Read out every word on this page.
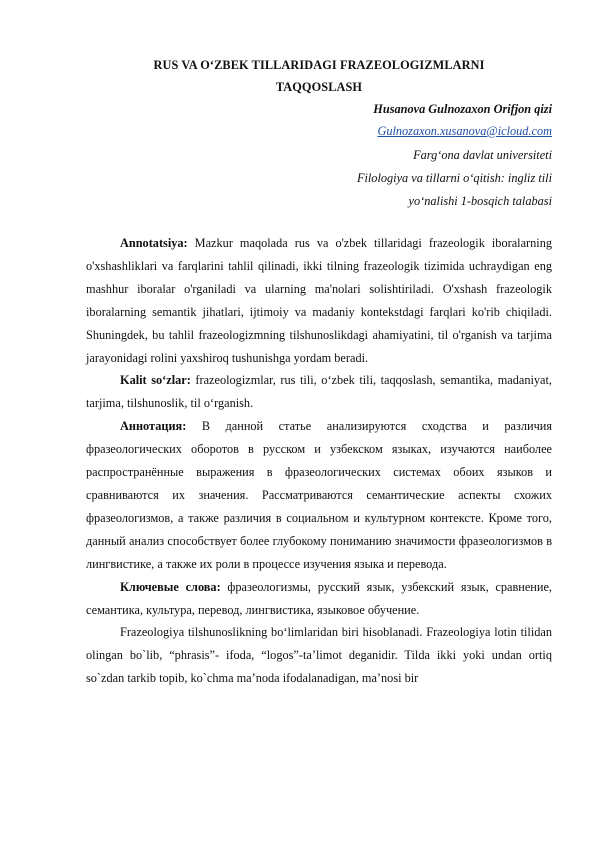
RUS VA O‘ZBEK TILLARIDAGI FRAZEOLOGIZMLARNI
TAQQOSLASH
Husanova Gulnozaxon Orifjon qizi
Gulnozaxon.xusanova@icloud.com
Farg‘ona davlat universiteti
Filologiya va tillarni o‘qitish: ingliz tili
yo‘nalishi 1-bosqich talabasi

Annotatsiya: Mazkur maqolada rus va o'zbek tillaridagi frazeologik iboralarning o'xshashliklari va farqlarini tahlil qilinadi, ikki tilning frazeologik tizimida uchraydigan eng mashhur iboralar o'rganiladi va ularning ma'nolari solishtiriladi. O'xshash frazeologik iboralarning semantik jihatlari, ijtimoiy va madaniy kontekstdagi farqlari ko'rib chiqiladi. Shuningdek, bu tahlil frazeologizmning tilshunoslikdagi ahamiyatini, til o'rganish va tarjima jarayonidagi rolini yaxshiroq tushunishga yordam beradi.

Kalit so‘zlar: frazeologizmlar, rus tili, o‘zbek tili, taqqoslash, semantika, madaniyat, tarjima, tilshunoslik, til o‘rganish.

Аннотация: В данной статье анализируются сходства и различия фразеологических оборотов в русском и узбекском языках, изучаются наиболее распространённые выражения в фразеологических системах обоих языков и сравниваются их значения. Рассматриваются семантические аспекты схожих фразеологизмов, а также различия в социальном и культурном контексте. Кроме того, данный анализ способствует более глубокому пониманию значимости фразеологизмов в лингвистике, а также их роли в процессе изучения языка и перевода.

Ключевые слова: фразеологизмы, русский язык, узбекский язык, сравнение, семантика, культура, перевод, лингвистика, языковое обучение.

Frazeologiya tilshunoslikning bo‘limlaridan biri hisoblanadi. Frazeologiya lotin tilidan olingan bo`lib, “phrasis”- ifoda, “logos”-ta’limot deganidir. Tilda ikki yoki undan ortiq so`zdan tarkib topib, ko`chma ma’noda ifodalanadigan, ma’nosi bir
